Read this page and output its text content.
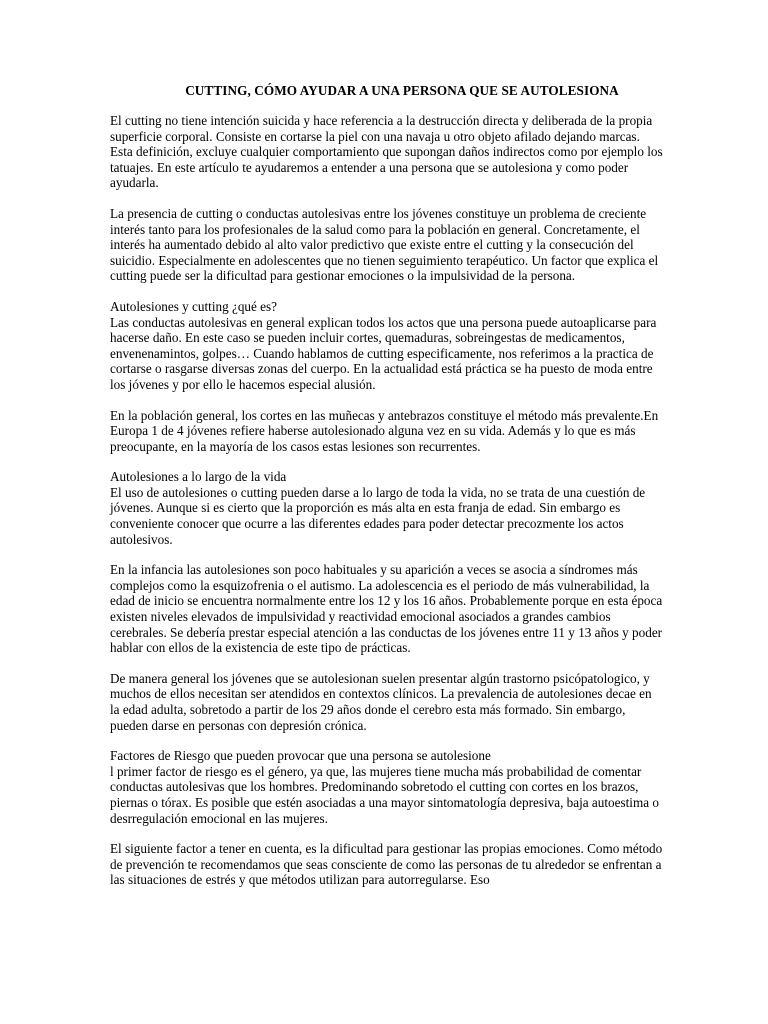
CUTTING, CÓMO AYUDAR A UNA PERSONA QUE SE AUTOLESIONA

El cutting no tiene intención suicida y hace referencia a la destrucción directa y deliberada de la propia superficie corporal. Consiste en cortarse la piel con una navaja u otro objeto afilado dejando marcas. Esta definición, excluye cualquier comportamiento que supongan daños indirectos como por ejemplo los tatuajes. En este artículo te ayudaremos a entender a una persona que se autolesiona y como poder ayudarla.

La presencia de cutting o conductas autolesivas entre los jóvenes constituye un problema de creciente interés tanto para los profesionales de la salud como para la población en general. Concretamente, el interés ha aumentado debido al alto valor predictivo que existe entre el cutting y la consecución del suicidio. Especialmente en adolescentes que no tienen seguimiento terapéutico. Un factor que explica el cutting puede ser la dificultad para gestionar emociones o la impulsividad de la persona.

Autolesiones y cutting ¿qué es?

Las conductas autolesivas en general explican todos los actos que una persona puede autoaplicarse para hacerse daño. En este caso se pueden incluir cortes, quemaduras, sobreingestas de medicamentos, envenenamintos, golpes… Cuando hablamos de cutting especificamente, nos referimos a la practica de cortarse o rasgarse diversas zonas del cuerpo. En la actualidad está práctica se ha puesto de moda entre los jóvenes y por ello le hacemos especial alusión.

En la población general, los cortes en las muñecas y antebrazos constituye el método más prevalente.En Europa 1 de 4 jóvenes refiere haberse autolesionado alguna vez en su vida. Además y lo que es más preocupante, en la mayoría de los casos estas lesiones son recurrentes.

Autolesiones a lo largo de la vida

El uso de autolesiones o cutting pueden darse a lo largo de toda la vida, no se trata de una cuestión de jóvenes. Aunque si es cierto que la proporción es más alta en esta franja de edad. Sin embargo es conveniente conocer que ocurre a las diferentes edades para poder detectar precozmente los actos autolesivos.

En la infancia las autolesiones son poco habituales y su aparición a veces se asocia a síndromes más complejos como la esquizofrenia o el autismo. La adolescencia es el periodo de más vulnerabilidad, la edad de inicio se encuentra normalmente entre los 12 y los 16 años. Probablemente porque en esta época existen niveles elevados de impulsividad y reactividad emocional asociados a grandes cambios cerebrales. Se debería prestar especial atención a las conductas de los jóvenes entre 11 y 13 años y poder hablar con ellos de la existencia de este tipo de prácticas.

De manera general los jóvenes que se autolesionan suelen presentar algún trastorno psicópatologico, y muchos de ellos necesitan ser atendidos en contextos clínicos. La prevalencia de autolesiones decae en la edad adulta, sobretodo a partir de los 29 años donde el cerebro esta más formado. Sin embargo, pueden darse en personas con depresión crónica.

Factores de Riesgo que pueden provocar que una persona se autolesione

l primer factor de riesgo es el género, ya que, las mujeres tiene mucha más probabilidad de comentar conductas autolesivas que los hombres. Predominando sobretodo el cutting con cortes en los brazos, piernas o tórax. Es posible que estén asociadas a una mayor sintomatología depresiva, baja autoestima o desrregulación emocional en las mujeres.

El siguiente factor a tener en cuenta, es la dificultad para gestionar las propias emociones. Como método de prevención te recomendamos que seas consciente de como las personas de tu alrededor se enfrentan a las situaciones de estrés y que métodos utilizan para autorregularse. Eso
